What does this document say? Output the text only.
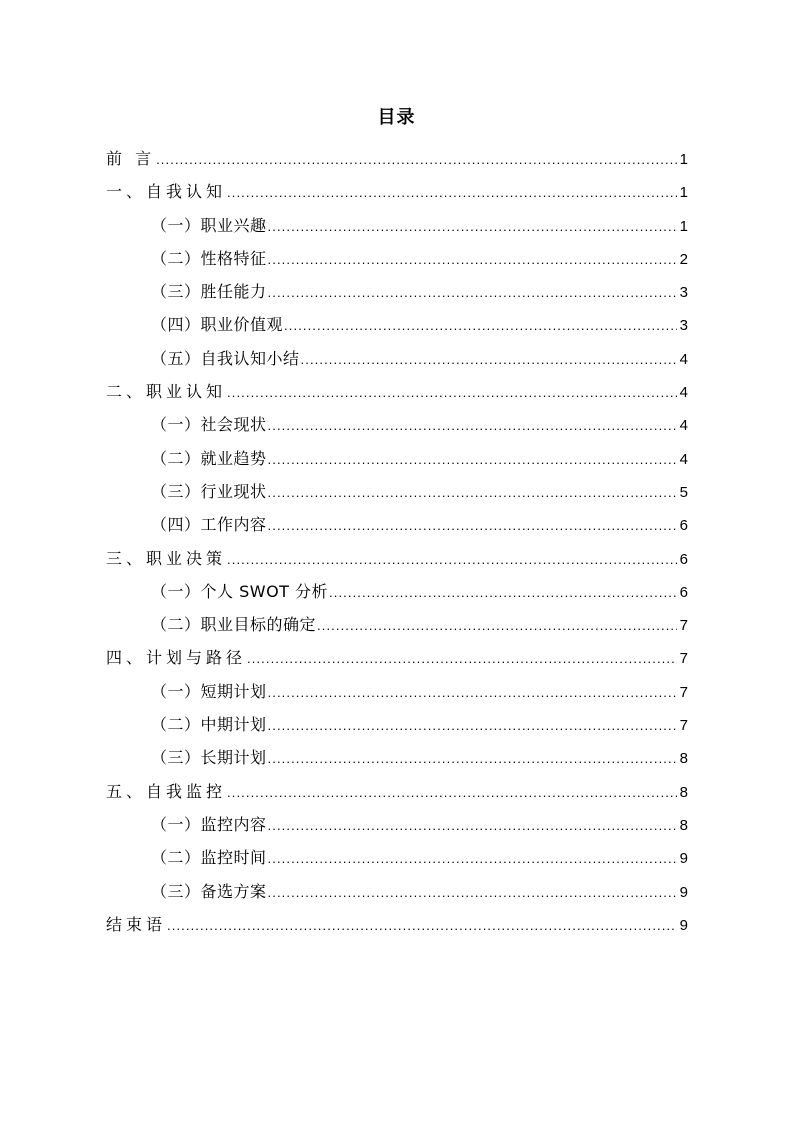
目录
前 言 .....	1
一、自我认知 .....	1
（一）职业兴趣 .....	1
（二）性格特征 .....	2
（三）胜任能力 .....	3
（四）职业价值观 .....	3
（五）自我认知小结 .....	4
二、职业认知 .....	4
（一）社会现状 .....	4
（二）就业趋势 .....	4
（三）行业现状 .....	5
（四）工作内容 .....	6
三、职业决策 .....	6
（一）个人 SWOT 分析 .....	6
（二）职业目标的确定 .....	7
四、计划与路径 .....	7
（一）短期计划 .....	7
（二）中期计划 .....	7
（三）长期计划 .....	8
五、自我监控 .....	8
（一）监控内容 .....	8
（二）监控时间 .....	9
（三）备选方案 .....	9
结束语 .....	9
